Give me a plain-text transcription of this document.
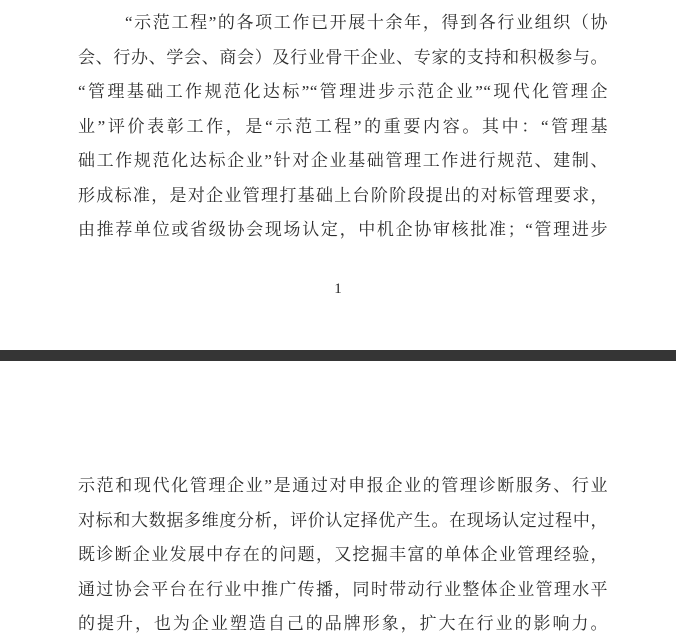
“示范工程”的各项工作已开展十余年，得到各行业组织（协
会、行办、学会、商会）及行业骨干企业、专家的支持和积极参与。
“管理基础工作规范化达标”“管理进步示范企业”“现代化管理企
业”评价表彰工作，是“示范工程”的重要内容。其中：“管理基
础工作规范化达标企业”针对企业基础管理工作进行规范、建制、
形成标准，是对企业管理打基础上台阶阶段提出的对标管理要求，
由推荐单位或省级协会现场认定，中机企协审核批准；“管理进步
1
示范和现代化管理企业”是通过对申报企业的管理诊断服务、行业
对标和大数据多维度分析，评价认定择优产生。在现场认定过程中，
既诊断企业发展中存在的问题，又挖掘丰富的单体企业管理经验，
通过协会平台在行业中推广传播，同时带动行业整体企业管理水平
的提升，也为企业塑造自己的品牌形象，扩大在行业的影响力。
